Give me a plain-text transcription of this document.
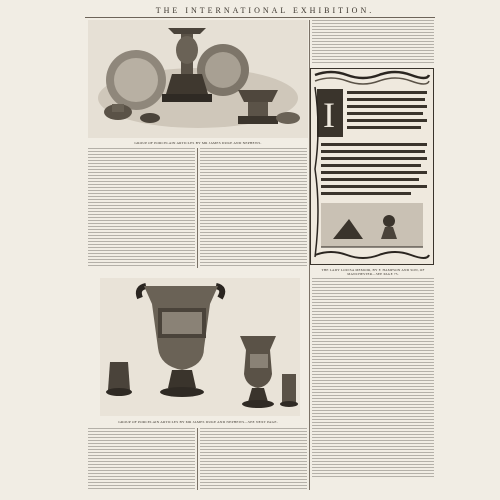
THE INTERNATIONAL EXHIBITION.
GROUP OF PORCELAIN ARTICLES BY MR JAMES DUKE AND NEPHEWS.
I
THE LADY LOUISA MEMOIR, BY F. HAMPSON AND SON, OF MANCHESTER—SEE PAGE 75.
GROUP OF PORCELAIN ARTICLES BY MR JAMES DUKE AND NEPHEWS—SEE NEXT PAGE.
